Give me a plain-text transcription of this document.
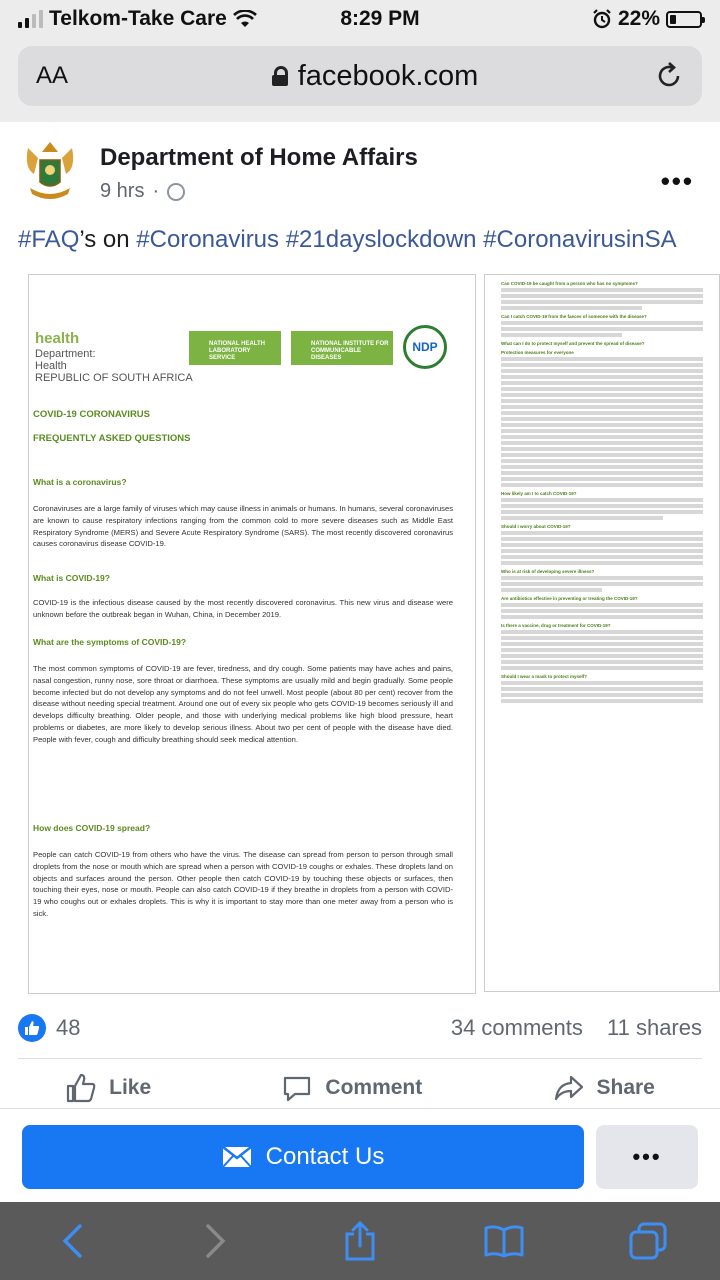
Telkom-Take Care	8:29 PM	22%
AA	facebook.com
Department of Home Affairs
9 hrs ·	•••
#FAQ’s on #Coronavirus #21dayslockdown #CoronavirusinSA
health
Department:
Health
REPUBLIC OF SOUTH AFRICA
NATIONAL HEALTH LABORATORY SERVICE
NATIONAL INSTITUTE FOR COMMUNICABLE DISEASES
NDP
COVID-19 CORONAVIRUS
FREQUENTLY ASKED QUESTIONS
What is a coronavirus?
Coronaviruses are a large family of viruses which may cause illness in animals or humans. In humans, several coronaviruses are known to cause respiratory infections ranging from the common cold to more severe diseases such as Middle East Respiratory Syndrome (MERS) and Severe Acute Respiratory Syndrome (SARS). The most recently discovered coronavirus causes coronavirus disease COVID-19.
What is COVID-19?
COVID-19 is the infectious disease caused by the most recently discovered coronavirus. This new virus and disease were unknown before the outbreak began in Wuhan, China, in December 2019.
What are the symptoms of COVID-19?
The most common symptoms of COVID-19 are fever, tiredness, and dry cough. Some patients may have aches and pains, nasal congestion, runny nose, sore throat or diarrhoea. These symptoms are usually mild and begin gradually. Some people become infected but do not develop any symptoms and do not feel unwell. Most people (about 80 per cent) recover from the disease without needing special treatment. Around one out of every six people who gets COVID-19 becomes seriously ill and develops difficulty breathing. Older people, and those with underlying medical problems like high blood pressure, heart problems or diabetes, are more likely to develop serious illness. About two per cent of people with the disease have died. People with fever, cough and difficulty breathing should seek medical attention.
How does COVID-19 spread?
People can catch COVID-19 from others who have the virus. The disease can spread from person to person through small droplets from the nose or mouth which are spread when a person with COVID-19 coughs or exhales. These droplets land on objects and surfaces around the person. Other people then catch COVID-19 by touching these objects or surfaces, then touching their eyes, nose or mouth. People can also catch COVID-19 if they breathe in droplets from a person with COVID-19 who coughs out or exhales droplets. This is why it is important to stay more than one meter away from a person who is sick.
Can COVID-19 be caught from a person who has no symptoms?
Can I catch COVID-19 from the faeces of someone with the disease?
What can I do to protect myself and prevent the spread of disease?
Protection measures for everyone
How likely am I to catch COVID-19?
Should I worry about COVID-19?
Who is at risk of developing severe illness?
Are antibiotics effective in preventing or treating the COVID-19?
Is there a vaccine, drug or treatment for COVID-19?
Should I wear a mask to protect myself?
48	34 comments 11 shares
Like	Comment	Share
Contact Us	•••
